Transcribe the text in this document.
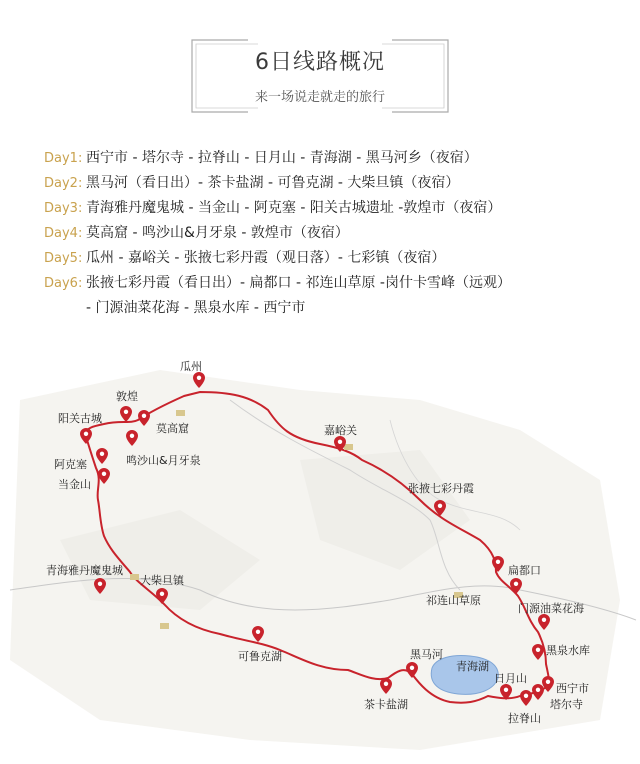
6日线路概况
来一场说走就走的旅行
Day1: 西宁市 - 塔尔寺 - 拉脊山 - 日月山 - 青海湖 - 黑马河乡（夜宿）
Day2: 黑马河（看日出）- 茶卡盐湖 - 可鲁克湖 - 大柴旦镇（夜宿）
Day3: 青海雅丹魔鬼城 - 当金山 - 阿克塞 - 阳关古城遗址 -敦煌市（夜宿）
Day4: 莫高窟 - 鸣沙山&月牙泉 - 敦煌市（夜宿）
Day5: 瓜州 - 嘉峪关 - 张掖七彩丹霞（观日落）- 七彩镇（夜宿）
Day6: 张掖七彩丹霞（看日出）- 扁都口 - 祁连山草原 -岗什卡雪峰（远观）
- 门源油菜花海 - 黑泉水库 - 西宁市
瓜州
敦煌
莫高窟
阳关古城
鸣沙山&月牙泉
阿克塞
当金山
嘉峪关
张掖七彩丹霞
扁都口
祁连山草原
门源油菜花海
黑泉水库
青海雅丹魔鬼城
大柴旦镇
可鲁克湖	黑马河
青海湖
茶卡盐湖
日月山
西宁市
塔尔寺
拉脊山
